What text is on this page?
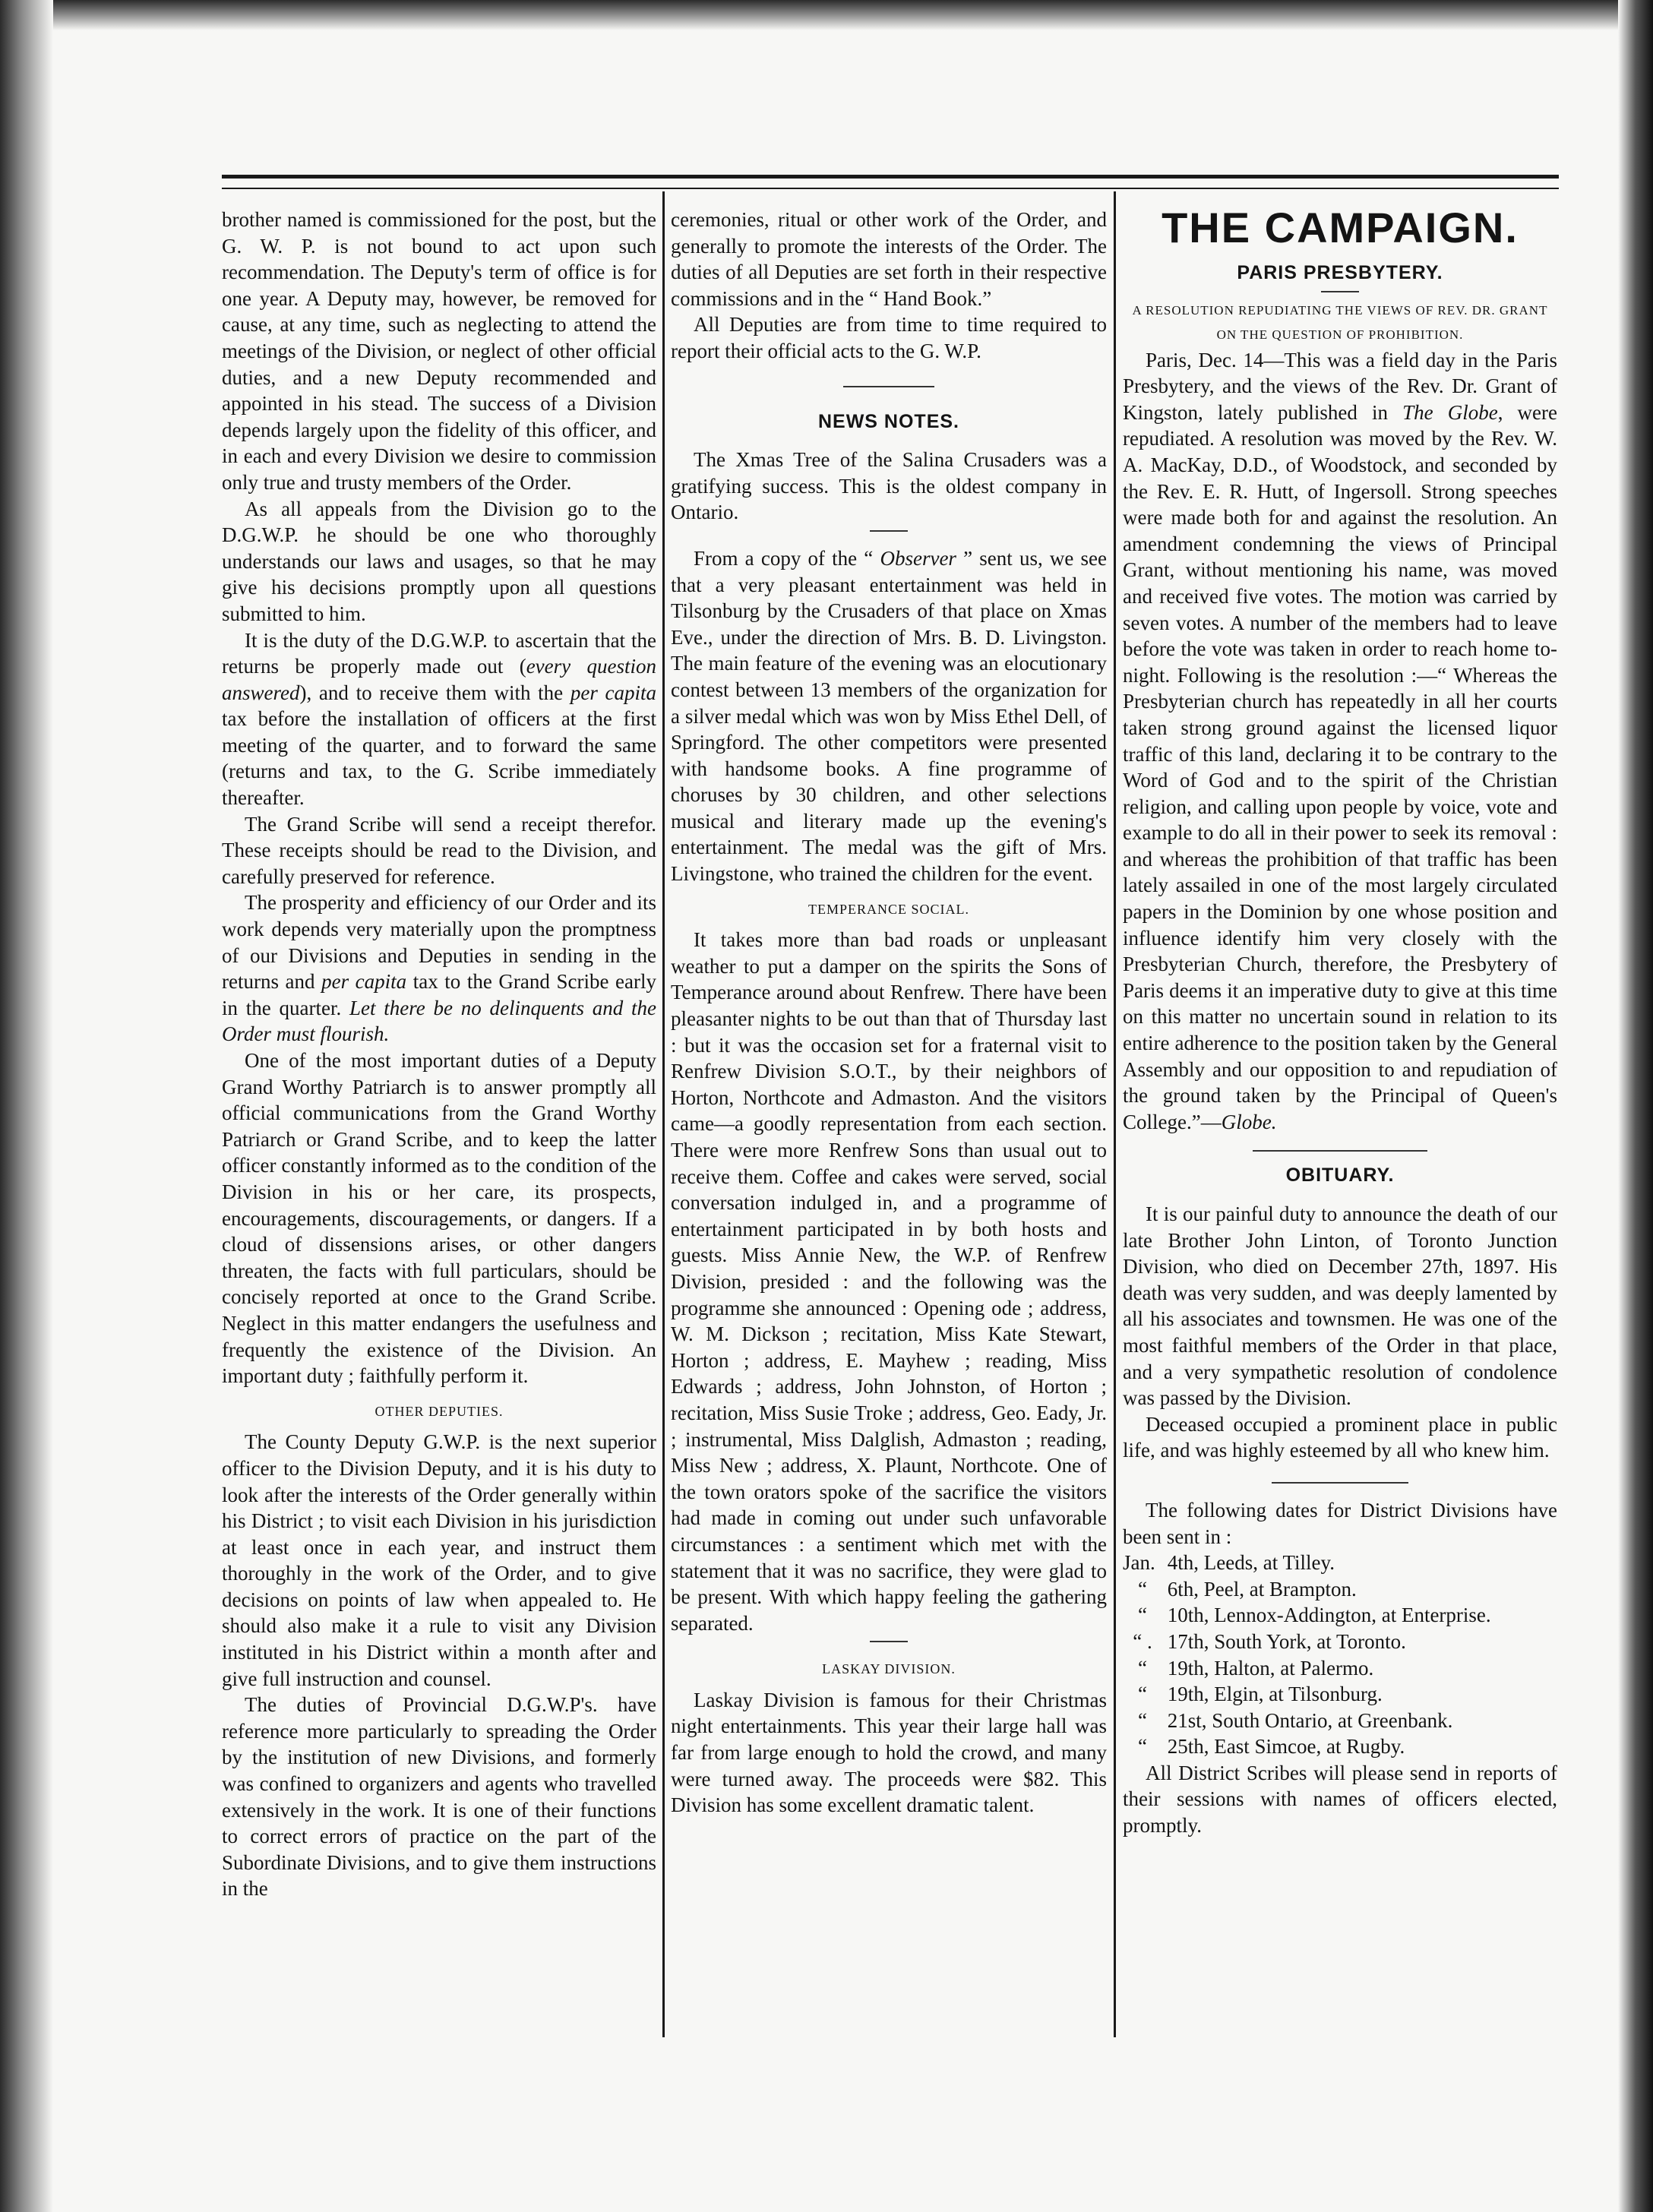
brother named is commissioned for the post, but the G. W. P. is not bound to act upon such recommendation. The Deputy's term of office is for one year. A Deputy may, however, be removed for cause, at any time, such as neglecting to attend the meetings of the Division, or neglect of other official duties, and a new Deputy recommended and appointed in his stead. The success of a Division depends largely upon the fidelity of this officer, and in each and every Division we desire to commission only true and trusty members of the Order.

As all appeals from the Division go to the D.G.W.P. he should be one who thoroughly understands our laws and usages, so that he may give his decisions promptly upon all questions submitted to him.

It is the duty of the D.G.W.P. to ascertain that the returns be properly made out (every question answered), and to receive them with the per capita tax before the installation of officers at the first meeting of the quarter, and to forward the same (returns and tax, to the G. Scribe immediately thereafter.

The Grand Scribe will send a receipt therefor. These receipts should be read to the Division, and carefully preserved for reference.

The prosperity and efficiency of our Order and its work depends very materially upon the promptness of our Divisions and Deputies in sending in the returns and per capita tax to the Grand Scribe early in the quarter. Let there be no delinquents and the Order must flourish.

One of the most important duties of a Deputy Grand Worthy Patriarch is to answer promptly all official communications from the Grand Worthy Patriarch or Grand Scribe, and to keep the latter officer constantly informed as to the condition of the Division in his or her care, its prospects, encouragements, discouragements, or dangers. If a cloud of dissensions arises, or other dangers threaten, the facts with full particulars, should be concisely reported at once to the Grand Scribe. Neglect in this matter endangers the usefulness and frequently the existence of the Division. An important duty ; faithfully perform it.

OTHER DEPUTIES.

The County Deputy G.W.P. is the next superior officer to the Division Deputy, and it is his duty to look after the interests of the Order generally within his District ; to visit each Division in his jurisdiction at least once in each year, and instruct them thoroughly in the work of the Order, and to give decisions on points of law when appealed to. He should also make it a rule to visit any Division instituted in his District within a month after and give full instruction and counsel.

The duties of Provincial D.G.W.P's. have reference more particularly to spreading the Order by the institution of new Divisions, and formerly was confined to organizers and agents who travelled extensively in the work. It is one of their functions to correct errors of practice on the part of the Subordinate Divisions, and to give them instructions in the

ceremonies, ritual or other work of the Order, and generally to promote the interests of the Order. The duties of all Deputies are set forth in their respective commissions and in the “ Hand Book.”

All Deputies are from time to time required to report their official acts to the G. W.P.

NEWS NOTES.

The Xmas Tree of the Salina Crusaders was a gratifying success. This is the oldest company in Ontario.

From a copy of the “ Observer ” sent us, we see that a very pleasant entertainment was held in Tilsonburg by the Crusaders of that place on Xmas Eve., under the direction of Mrs. B. D. Livingston. The main feature of the evening was an elocutionary contest between 13 members of the organization for a silver medal which was won by Miss Ethel Dell, of Springford. The other competitors were presented with handsome books. A fine programme of choruses by 30 children, and other selections musical and literary made up the evening's entertainment. The medal was the gift of Mrs. Livingstone, who trained the children for the event.

TEMPERANCE SOCIAL.

It takes more than bad roads or unpleasant weather to put a damper on the spirits the Sons of Temperance around about Renfrew. There have been pleasanter nights to be out than that of Thursday last : but it was the occasion set for a fraternal visit to Renfrew Division S.O.T., by their neighbors of Horton, Northcote and Admaston. And the visitors came—a goodly representation from each section. There were more Renfrew Sons than usual out to receive them. Coffee and cakes were served, social conversation indulged in, and a programme of entertainment participated in by both hosts and guests. Miss Annie New, the W.P. of Renfrew Division, presided : and the following was the programme she announced : Opening ode ; address, W. M. Dickson ; recitation, Miss Kate Stewart, Horton ; address, E. Mayhew ; reading, Miss Edwards ; address, John Johnston, of Horton ; recitation, Miss Susie Troke ; address, Geo. Eady, Jr. ; instrumental, Miss Dalglish, Admaston ; reading, Miss New ; address, X. Plaunt, Northcote. One of the town orators spoke of the sacrifice the visitors had made in coming out under such unfavorable circumstances : a sentiment which met with the statement that it was no sacrifice, they were glad to be present. With which happy feeling the gathering separated.

LASKAY DIVISION.

Laskay Division is famous for their Christmas night entertainments. This year their large hall was far from large enough to hold the crowd, and many were turned away. The proceeds were $82. This Division has some excellent dramatic talent.

THE CAMPAIGN.
PARIS PRESBYTERY.
A RESOLUTION REPUDIATING THE VIEWS OF REV. DR. GRANT ON THE QUESTION OF PROHIBITION.

Paris, Dec. 14—This was a field day in the Paris Presbytery, and the views of the Rev. Dr. Grant of Kingston, lately published in The Globe, were repudiated. A resolution was moved by the Rev. W. A. MacKay, D.D., of Woodstock, and seconded by the Rev. E. R. Hutt, of Ingersoll. Strong speeches were made both for and against the resolution. An amendment condemning the views of Principal Grant, without mentioning his name, was moved and received five votes. The motion was carried by seven votes. A number of the members had to leave before the vote was taken in order to reach home to-night. Following is the resolution :—“ Whereas the Presbyterian church has repeatedly in all her courts taken strong ground against the licensed liquor traffic of this land, declaring it to be contrary to the Word of God and to the spirit of the Christian religion, and calling upon people by voice, vote and example to do all in their power to seek its removal : and whereas the prohibition of that traffic has been lately assailed in one of the most largely circulated papers in the Dominion by one whose position and influence identify him very closely with the Presbyterian Church, therefore, the Presbytery of Paris deems it an imperative duty to give at this time on this matter no uncertain sound in relation to its entire adherence to the position taken by the General Assembly and our opposition to and repudiation of the ground taken by the Principal of Queen's College.”—Globe.

OBITUARY.

It is our painful duty to announce the death of our late Brother John Linton, of Toronto Junction Division, who died on December 27th, 1897. His death was very sudden, and was deeply lamented by all his associates and townsmen. He was one of the most faithful members of the Order in that place, and a very sympathetic resolution of condolence was passed by the Division.

Deceased occupied a prominent place in public life, and was highly esteemed by all who knew him.

The following dates for District Divisions have been sent in :

Jan. 4th, Leeds, at Tilley.
“ 6th, Peel, at Brampton.
“ 10th, Lennox-Addington, at Enterprise.
“ . 17th, South York, at Toronto.
“ 19th, Halton, at Palermo.
“ 19th, Elgin, at Tilsonburg.
“ 21st, South Ontario, at Greenbank.
“ 25th, East Simcoe, at Rugby.

All District Scribes will please send in reports of their sessions with names of officers elected, promptly.
